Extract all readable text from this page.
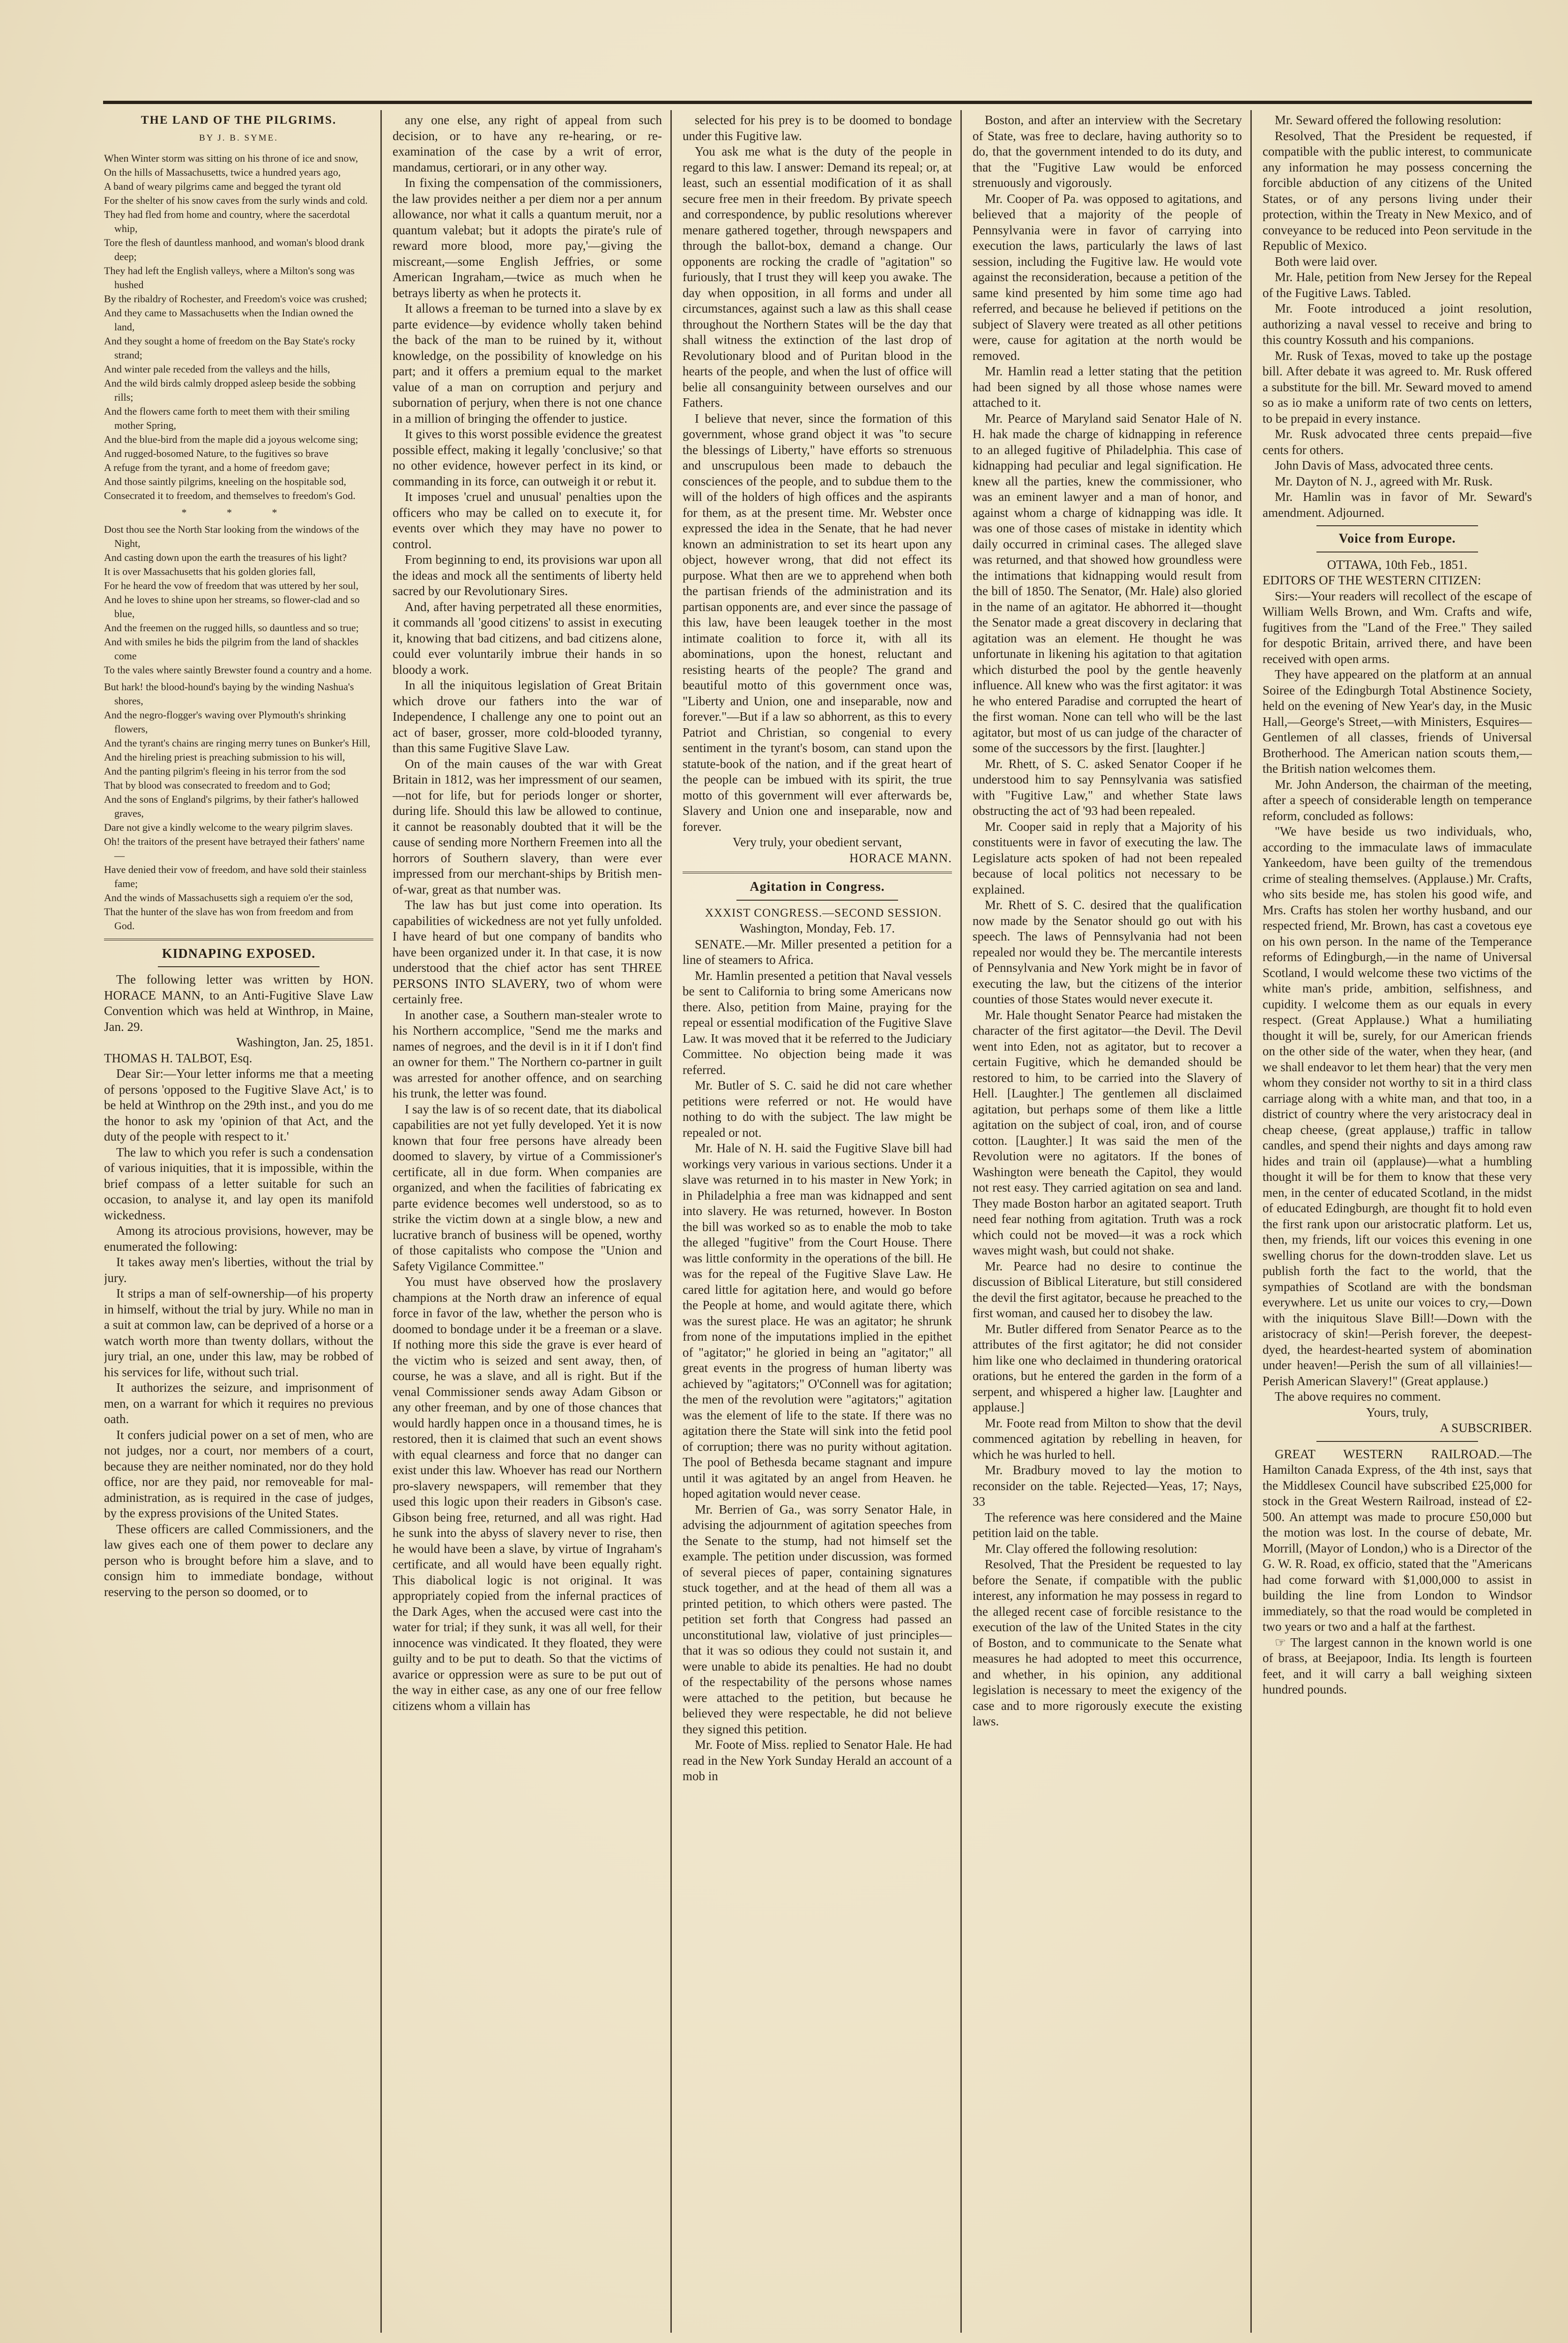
THE LAND OF THE PILGRIMS.
BY J. B. SYME.

When Winter storm was sitting on his throne of ice and snow,

On the hills of Massachusetts, twice a hundred years ago,

A band of weary pilgrims came and begged the tyrant old

For the shelter of his snow caves from the surly winds and cold.

They had fled from home and country, where the sacerdotal whip,

Tore the flesh of dauntless manhood, and woman's blood drank deep;

They had left the English valleys, where a Milton's song was hushed

By the ribaldry of Rochester, and Freedom's voice was crushed;

And they came to Massachusetts when the Indian owned the land,

And they sought a home of freedom on the Bay State's rocky strand;

And winter pale receded from the valleys and the hills,

And the wild birds calmly dropped asleep beside the sobbing rills;

And the flowers came forth to meet them with their smiling mother Spring,

And the blue-bird from the maple did a joyous welcome sing;

And rugged-bosomed Nature, to the fugitives so brave

A refuge from the tyrant, and a home of freedom gave;

And those saintly pilgrims, kneeling on the hospitable sod,

Consecrated it to freedom, and themselves to freedom's God.

* * *

Dost thou see the North Star looking from the windows of the Night,

And casting down upon the earth the treasures of his light?

It is over Massachusetts that his golden glories fall,

For he heard the vow of freedom that was uttered by her soul,

And he loves to shine upon her streams, so flower-clad and so blue,

And the freemen on the rugged hills, so dauntless and so true;

And with smiles he bids the pilgrim from the land of shackles come

To the vales where saintly Brewster found a country and a home.

But hark! the blood-hound's baying by the winding Nashua's shores,

And the negro-flogger's waving over Plymouth's shrinking flowers,

And the tyrant's chains are ringing merry tunes on Bunker's Hill,

And the hireling priest is preaching submission to his will,

And the panting pilgrim's fleeing in his terror from the sod

That by blood was consecrated to freedom and to God;

And the sons of England's pilgrims, by their father's hallowed graves,

Dare not give a kindly welcome to the weary pilgrim slaves.

Oh! the traitors of the present have betrayed their fathers' name—

Have denied their vow of freedom, and have sold their stainless fame;

And the winds of Massachusetts sigh a requiem o'er the sod,

That the hunter of the slave has won from freedom and from God.

KIDNAPING EXPOSED.

The following letter was written by HON. HORACE MANN, to an Anti-Fugitive Slave Law Convention which was held at Winthrop, in Maine, Jan. 29.

Washington, Jan. 25, 1851.

THOMAS H. TALBOT, Esq.

Dear Sir:—Your letter informs me that a meeting of persons 'opposed to the Fugitive Slave Act,' is to be held at Winthrop on the 29th inst., and you do me the honor to ask my 'opinion of that Act, and the duty of the people with respect to it.'

The law to which you refer is such a condensation of various iniquities, that it is impossible, within the brief compass of a letter suitable for such an occasion, to analyse it, and lay open its manifold wickedness.

Among its atrocious provisions, however, may be enumerated the following:

It takes away men's liberties, without the trial by jury.

It strips a man of self-ownership—of his property in himself, without the trial by jury. While no man in a suit at common law, can be deprived of a horse or a watch worth more than twenty dollars, without the jury trial, an one, under this law, may be robbed of his services for life, without such trial.

It authorizes the seizure, and imprisonment of men, on a warrant for which it requires no previous oath.

It confers judicial power on a set of men, who are not judges, nor a court, nor members of a court, because they are neither nominated, nor do they hold office, nor are they paid, nor removeable for mal-administration, as is required in the case of judges, by the express provisions of the United States.

These officers are called Commissioners, and the law gives each one of them power to declare any person who is brought before him a slave, and to consign him to immediate bondage, without reserving to the person so doomed, or to

any one else, any right of appeal from such decision, or to have any re-hearing, or re-examination of the case by a writ of error, mandamus, certiorari, or in any other way.

In fixing the compensation of the commissioners, the law provides neither a per diem nor a per annum allowance, nor what it calls a quantum meruit, nor a quantum valebat; but it adopts the pirate's rule of reward more blood, more pay,'—giving the miscreant,—some English Jeffries, or some American Ingraham,—twice as much when he betrays liberty as when he protects it.

It allows a freeman to be turned into a slave by ex parte evidence—by evidence wholly taken behind the back of the man to be ruined by it, without knowledge, on the possibility of knowledge on his part; and it offers a premium equal to the market value of a man on corruption and perjury and subornation of perjury, when there is not one chance in a million of bringing the offender to justice.

It gives to this worst possible evidence the greatest possible effect, making it legally 'conclusive;' so that no other evidence, however perfect in its kind, or commanding in its force, can outweigh it or rebut it.

It imposes 'cruel and unusual' penalties upon the officers who may be called on to execute it, for events over which they may have no power to control.

From beginning to end, its provisions war upon all the ideas and mock all the sentiments of liberty held sacred by our Revolutionary Sires.

And, after having perpetrated all these enormities, it commands all 'good citizens' to assist in executing it, knowing that bad citizens, and bad citizens alone, could ever voluntarily imbrue their hands in so bloody a work.

In all the iniquitous legislation of Great Britain which drove our fathers into the war of Independence, I challenge any one to point out an act of baser, grosser, more cold-blooded tyranny, than this same Fugitive Slave Law.

On of the main causes of the war with Great Britain in 1812, was her impressment of our seamen,—not for life, but for periods longer or shorter, during life. Should this law be allowed to continue, it cannot be reasonably doubted that it will be the cause of sending more Northern Freemen into all the horrors of Southern slavery, than were ever impressed from our merchant-ships by British men-of-war, great as that number was.

The law has but just come into operation. Its capabilities of wickedness are not yet fully unfolded. I have heard of but one company of bandits who have been organized under it. In that case, it is now understood that the chief actor has sent THREE PERSONS INTO SLAVERY, two of whom were certainly free.

In another case, a Southern man-stealer wrote to his Northern accomplice, "Send me the marks and names of negroes, and the devil is in it if I don't find an owner for them." The Northern co-partner in guilt was arrested for another offence, and on searching his trunk, the letter was found.

I say the law is of so recent date, that its diabolical capabilities are not yet fully developed. Yet it is now known that four free persons have already been doomed to slavery, by virtue of a Commissioner's certificate, all in due form. When companies are organized, and when the facilities of fabricating ex parte evidence becomes well understood, so as to strike the victim down at a single blow, a new and lucrative branch of business will be opened, worthy of those capitalists who compose the "Union and Safety Vigilance Committee."

You must have observed how the proslavery champions at the North draw an inference of equal force in favor of the law, whether the person who is doomed to bondage under it be a freeman or a slave. If nothing more this side the grave is ever heard of the victim who is seized and sent away, then, of course, he was a slave, and all is right. But if the venal Commissioner sends away Adam Gibson or any other freeman, and by one of those chances that would hardly happen once in a thousand times, he is restored, then it is claimed that such an event shows with equal clearness and force that no danger can exist under this law. Whoever has read our Northern pro-slavery newspapers, will remember that they used this logic upon their readers in Gibson's case. Gibson being free, returned, and all was right. Had he sunk into the abyss of slavery never to rise, then he would have been a slave, by virtue of Ingraham's certificate, and all would have been equally right. This diabolical logic is not original. It was appropriately copied from the infernal practices of the Dark Ages, when the accused were cast into the water for trial; if they sunk, it was all well, for their innocence was vindicated. It they floated, they were guilty and to be put to death. So that the victims of avarice or oppression were as sure to be put out of the way in either case, as any one of our free fellow citizens whom a villain has

selected for his prey is to be doomed to bondage under this Fugitive law.

You ask me what is the duty of the people in regard to this law. I answer: Demand its repeal; or, at least, such an essential modification of it as shall secure free men in their freedom. By private speech and correspondence, by public resolutions wherever menare gathered together, through newspapers and through the ballot-box, demand a change. Our opponents are rocking the cradle of "agitation" so furiously, that I trust they will keep you awake. The day when opposition, in all forms and under all circumstances, against such a law as this shall cease throughout the Northern States will be the day that shall witness the extinction of the last drop of Revolutionary blood and of Puritan blood in the hearts of the people, and when the lust of office will belie all consanguinity between ourselves and our Fathers.

I believe that never, since the formation of this government, whose grand object it was "to secure the blessings of Liberty," have efforts so strenuous and unscrupulous been made to debauch the consciences of the people, and to subdue them to the will of the holders of high offices and the aspirants for them, as at the present time. Mr. Webster once expressed the idea in the Senate, that he had never known an administration to set its heart upon any object, however wrong, that did not effect its purpose. What then are we to apprehend when both the partisan friends of the administration and its partisan opponents are, and ever since the passage of this law, have been leaugek toether in the most intimate coalition to force it, with all its abominations, upon the honest, reluctant and resisting hearts of the people? The grand and beautiful motto of this government once was, "Liberty and Union, one and inseparable, now and forever."—But if a law so abhorrent, as this to every Patriot and Christian, so congenial to every sentiment in the tyrant's bosom, can stand upon the statute-book of the nation, and if the great heart of the people can be imbued with its spirit, the true motto of this government will ever afterwards be, Slavery and Union one and inseparable, now and forever.

Very truly, your obedient servant,

HORACE MANN.

Agitation in Congress.

XXXIST CONGRESS.—SECOND SESSION.

Washington, Monday, Feb. 17.

SENATE.—Mr. Miller presented a petition for a line of steamers to Africa.

Mr. Hamlin presented a petition that Naval vessels be sent to California to bring some Americans now there. Also, petition from Maine, praying for the repeal or essential modification of the Fugitive Slave Law. It was moved that it be referred to the Judiciary Committee. No objection being made it was referred.

Mr. Butler of S. C. said he did not care whether petitions were referred or not. He would have nothing to do with the subject. The law might be repealed or not.

Mr. Hale of N. H. said the Fugitive Slave bill had workings very various in various sections. Under it a slave was returned in to his master in New York; in in Philadelphia a free man was kidnapped and sent into slavery. He was returned, however. In Boston the bill was worked so as to enable the mob to take the alleged "fugitive" from the Court House. There was little conformity in the operations of the bill. He was for the repeal of the Fugitive Slave Law. He cared little for agitation here, and would go before the People at home, and would agitate there, which was the surest place. He was an agitator; he shrunk from none of the imputations implied in the epithet of "agitator;" he gloried in being an "agitator;" all great events in the progress of human liberty was achieved by "agitators;" O'Connell was for agitation; the men of the revolution were "agitators;" agitation was the element of life to the state. If there was no agitation there the State will sink into the fetid pool of corruption; there was no purity without agitation. The pool of Bethesda became stagnant and impure until it was agitated by an angel from Heaven. he hoped agitation would never cease.

Mr. Berrien of Ga., was sorry Senator Hale, in advising the adjournment of agitation speeches from the Senate to the stump, had not himself set the example. The petition under discussion, was formed of several pieces of paper, containing signatures stuck together, and at the head of them all was a printed petition, to which others were pasted. The petition set forth that Congress had passed an unconstitutional law, violative of just principles—that it was so odious they could not sustain it, and were unable to abide its penalties. He had no doubt of the respectability of the persons whose names were attached to the petition, but because he believed they were respectable, he did not believe they signed this petition.

Mr. Foote of Miss. replied to Senator Hale. He had read in the New York Sunday Herald an account of a mob in

Boston, and after an interview with the Secretary of State, was free to declare, having authority so to do, that the government intended to do its duty, and that the "Fugitive Law would be enforced strenuously and vigorously.

Mr. Cooper of Pa. was opposed to agitations, and believed that a majority of the people of Pennsylvania were in favor of carrying into execution the laws, particularly the laws of last session, including the Fugitive law. He would vote against the reconsideration, because a petition of the same kind presented by him some time ago had referred, and because he believed if petitions on the subject of Slavery were treated as all other petitions were, cause for agitation at the north would be removed.

Mr. Hamlin read a letter stating that the petition had been signed by all those whose names were attached to it.

Mr. Pearce of Maryland said Senator Hale of N. H. hak made the charge of kidnapping in reference to an alleged fugitive of Philadelphia. This case of kidnapping had peculiar and legal signification. He knew all the parties, knew the commissioner, who was an eminent lawyer and a man of honor, and against whom a charge of kidnapping was idle. It was one of those cases of mistake in identity which daily occurred in criminal cases. The alleged slave was returned, and that showed how groundless were the intimations that kidnapping would result from the bill of 1850. The Senator, (Mr. Hale) also gloried in the name of an agitator. He abhorred it—thought the Senator made a great discovery in declaring that agitation was an element. He thought he was unfortunate in likening his agitation to that agitation which disturbed the pool by the gentle heavenly influence. All knew who was the first agitator: it was he who entered Paradise and corrupted the heart of the first woman. None can tell who will be the last agitator, but most of us can judge of the character of some of the successors by the first. [laughter.]

Mr. Rhett, of S. C. asked Senator Cooper if he understood him to say Pennsylvania was satisfied with "Fugitive Law," and whether State laws obstructing the act of '93 had been repealed.

Mr. Cooper said in reply that a Majority of his constituents were in favor of executing the law. The Legislature acts spoken of had not been repealed because of local politics not necessary to be explained.

Mr. Rhett of S. C. desired that the qualification now made by the Senator should go out with his speech. The laws of Pennsylvania had not been repealed nor would they be. The mercantile interests of Pennsylvania and New York might be in favor of executing the law, but the citizens of the interior counties of those States would never execute it.

Mr. Hale thought Senator Pearce had mistaken the character of the first agitator—the Devil. The Devil went into Eden, not as agitator, but to recover a certain Fugitive, which he demanded should be restored to him, to be carried into the Slavery of Hell. [Laughter.] The gentlemen all disclaimed agitation, but perhaps some of them like a little agitation on the subject of coal, iron, and of course cotton. [Laughter.] It was said the men of the Revolution were no agitators. If the bones of Washington were beneath the Capitol, they would not rest easy. They carried agitation on sea and land. They made Boston harbor an agitated seaport. Truth need fear nothing from agitation. Truth was a rock which could not be moved—it was a rock which waves might wash, but could not shake.

Mr. Pearce had no desire to continue the discussion of Biblical Literature, but still considered the devil the first agitator, because he preached to the first woman, and caused her to disobey the law.

Mr. Butler differed from Senator Pearce as to the attributes of the first agitator; he did not consider him like one who declaimed in thundering oratorical orations, but he entered the garden in the form of a serpent, and whispered a higher law. [Laughter and applause.]

Mr. Foote read from Milton to show that the devil commenced agitation by rebelling in heaven, for which he was hurled to hell.

Mr. Bradbury moved to lay the motion to reconsider on the table. Rejected—Yeas, 17; Nays, 33

The reference was here considered and the Maine petition laid on the table.

Mr. Clay offered the following resolution:

Resolved, That the President be requested to lay before the Senate, if compatible with the public interest, any information he may possess in regard to the alleged recent case of forcible resistance to the execution of the law of the United States in the city of Boston, and to communicate to the Senate what measures he had adopted to meet this occurrence, and whether, in his opinion, any additional legislation is necessary to meet the exigency of the case and to more rigorously execute the existing laws.

Mr. Seward offered the following resolution:

Resolved, That the President be requested, if compatible with the public interest, to communicate any information he may possess concerning the forcible abduction of any citizens of the United States, or of any persons living under their protection, within the Treaty in New Mexico, and of conveyance to be reduced into Peon servitude in the Republic of Mexico.

Both were laid over.

Mr. Hale, petition from New Jersey for the Repeal of the Fugitive Laws. Tabled.

Mr. Foote introduced a joint resolution, authorizing a naval vessel to receive and bring to this country Kossuth and his companions.

Mr. Rusk of Texas, moved to take up the postage bill. After debate it was agreed to. Mr. Rusk offered a substitute for the bill. Mr. Seward moved to amend so as io make a uniform rate of two cents on letters, to be prepaid in every instance.

Mr. Rusk advocated three cents prepaid—five cents for others.

John Davis of Mass, advocated three cents.

Mr. Dayton of N. J., agreed with Mr. Rusk.

Mr. Hamlin was in favor of Mr. Seward's amendment. Adjourned.

Voice from Europe.

OTTAWA, 10th Feb., 1851.

EDITORS OF THE WESTERN CITIZEN:

Sirs:—Your readers will recollect of the escape of William Wells Brown, and Wm. Crafts and wife, fugitives from the "Land of the Free." They sailed for despotic Britain, arrived there, and have been received with open arms.

They have appeared on the platform at an annual Soiree of the Edingburgh Total Abstinence Society, held on the evening of New Year's day, in the Music Hall,—George's Street,—with Ministers, Esquires—Gentlemen of all classes, friends of Universal Brotherhood. The American nation scouts them,—the British nation welcomes them.

Mr. John Anderson, the chairman of the meeting, after a speech of considerable length on temperance reform, concluded as follows:

"We have beside us two individuals, who, according to the immaculate laws of immaculate Yankeedom, have been guilty of the tremendous crime of stealing themselves. (Applause.) Mr. Crafts, who sits beside me, has stolen his good wife, and Mrs. Crafts has stolen her worthy husband, and our respected friend, Mr. Brown, has cast a covetous eye on his own person. In the name of the Temperance reforms of Edingburgh,—in the name of Universal Scotland, I would welcome these two victims of the white man's pride, ambition, selfishness, and cupidity. I welcome them as our equals in every respect. (Great Applause.) What a humiliating thought it will be, surely, for our American friends on the other side of the water, when they hear, (and we shall endeavor to let them hear) that the very men whom they consider not worthy to sit in a third class carriage along with a white man, and that too, in a district of country where the very aristocracy deal in cheap cheese, (great applause,) traffic in tallow candles, and spend their nights and days among raw hides and train oil (applause)—what a humbling thought it will be for them to know that these very men, in the center of educated Scotland, in the midst of educated Edingburgh, are thought fit to hold even the first rank upon our aristocratic platform. Let us, then, my friends, lift our voices this evening in one swelling chorus for the down-trodden slave. Let us publish forth the fact to the world, that the sympathies of Scotland are with the bondsman everywhere. Let us unite our voices to cry,—Down with the iniquitous Slave Bill!—Down with the aristocracy of skin!—Perish forever, the deepest-dyed, the heardest-hearted system of abomination under heaven!—Perish the sum of all villainies!—Perish American Slavery!" (Great applause.)

The above requires no comment.

Yours, truly,

A SUBSCRIBER.

GREAT WESTERN RAILROAD.—The Hamilton Canada Express, of the 4th inst, says that the Middlesex Council have subscribed £25,000 for stock in the Great Western Railroad, instead of £2-500. An attempt was made to procure £50,000 but the motion was lost. In the course of debate, Mr. Morrill, (Mayor of London,) who is a Director of the G. W. R. Road, ex officio, stated that the "Americans had come forward with $1,000,000 to assist in building the line from London to Windsor immediately, so that the road would be completed in two years or two and a half at the farthest.

☞ The largest cannon in the known world is one of brass, at Beejapoor, India. Its length is fourteen feet, and it will carry a ball weighing sixteen hundred pounds.
